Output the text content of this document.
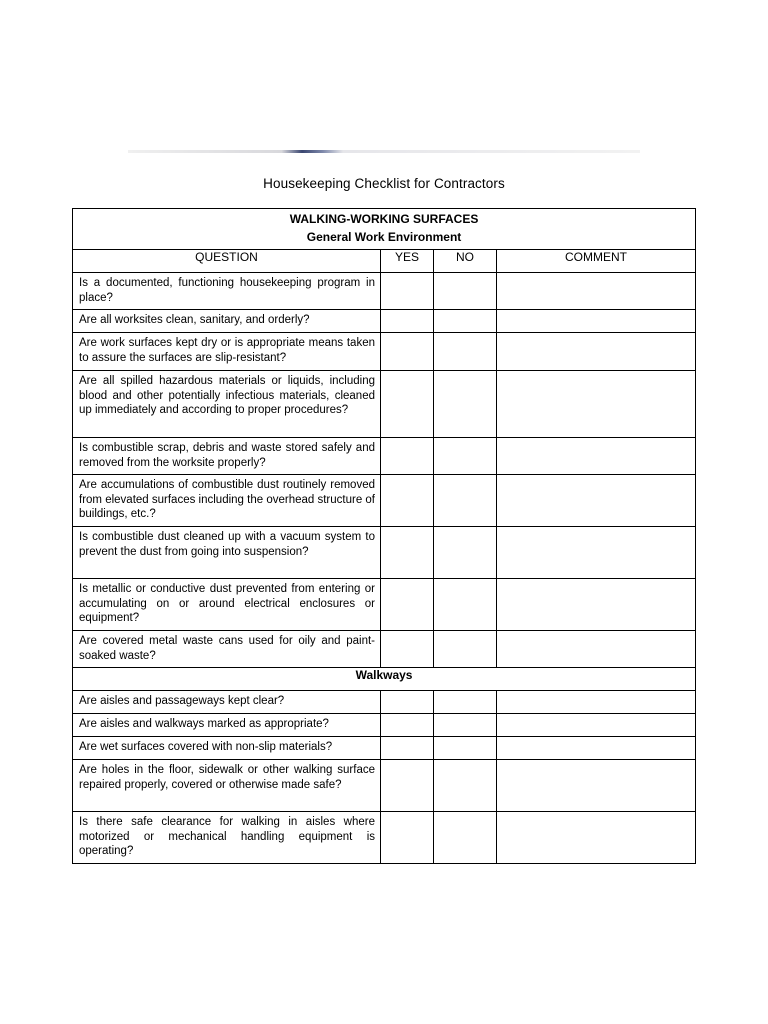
Housekeeping Checklist for Contractors
WALKING-WORKING SURFACES
General Work Environment			

QUESTION	YES	NO	COMMENT
Is a documented, functioning housekeeping program in place?			
Are all worksites clean, sanitary, and orderly?			
Are work surfaces kept dry or is appropriate means taken to assure the surfaces are slip-resistant?			
Are all spilled hazardous materials or liquids, including blood and other potentially infectious materials, cleaned up immediately and according to proper procedures?			
Is combustible scrap, debris and waste stored safely and removed from the worksite properly?			
Are accumulations of combustible dust routinely removed from elevated surfaces including the overhead structure of buildings, etc.?			
Is combustible dust cleaned up with a vacuum system to prevent the dust from going into suspension?			
Is metallic or conductive dust prevented from entering or accumulating on or around electrical enclosures or equipment?			
Are covered metal waste cans used for oily and paint-soaked waste?			
Walkways			
Are aisles and passageways kept clear?			
Are aisles and walkways marked as appropriate?			
Are wet surfaces covered with non-slip materials?			
Are holes in the floor, sidewalk or other walking surface repaired properly, covered or otherwise made safe?			
Is there safe clearance for walking in aisles where motorized or mechanical handling equipment is operating?			
